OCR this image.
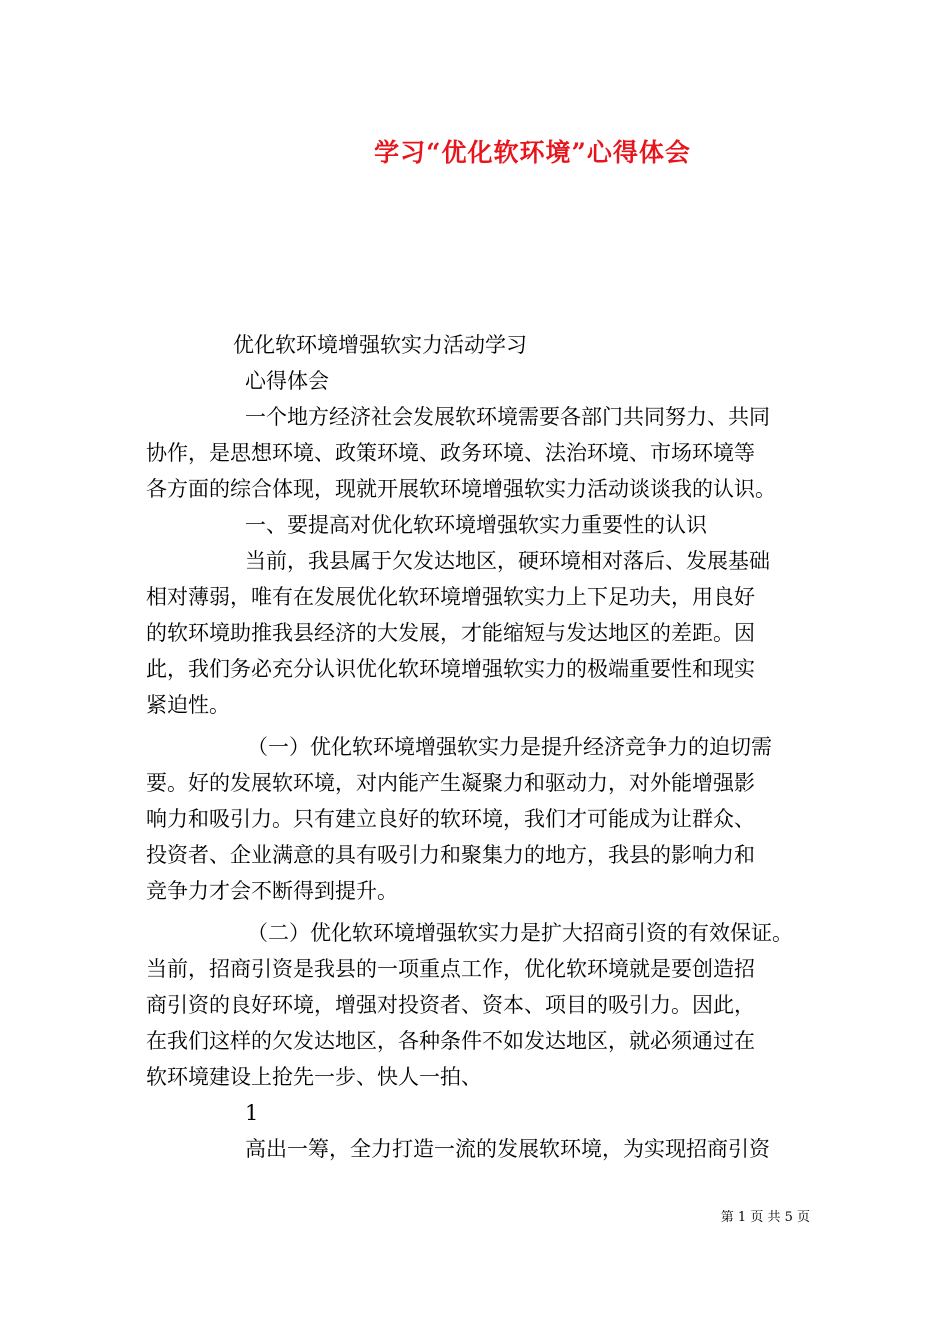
学习“优化软环境”心得体会
优化软环境增强软实力活动学习
心得体会
一个地方经济社会发展软环境需要各部门共同努力、共同
协作，是思想环境、政策环境、政务环境、法治环境、市场环境等
各方面的综合体现，现就开展软环境增强软实力活动谈谈我的认识。
一、要提高对优化软环境增强软实力重要性的认识
当前，我县属于欠发达地区，硬环境相对落后、发展基础
相对薄弱，唯有在发展优化软环境增强软实力上下足功夫，用良好
的软环境助推我县经济的大发展，才能缩短与发达地区的差距。因
此，我们务必充分认识优化软环境增强软实力的极端重要性和现实
紧迫性。
（一）优化软环境增强软实力是提升经济竞争力的迫切需
要。好的发展软环境，对内能产生凝聚力和驱动力，对外能增强影
响力和吸引力。只有建立良好的软环境，我们才可能成为让群众、
投资者、企业满意的具有吸引力和聚集力的地方，我县的影响力和
竞争力才会不断得到提升。
（二）优化软环境增强软实力是扩大招商引资的有效保证。
当前，招商引资是我县的一项重点工作，优化软环境就是要创造招
商引资的良好环境，增强对投资者、资本、项目的吸引力。因此，
在我们这样的欠发达地区，各种条件不如发达地区，就必须通过在
软环境建设上抢先一步、快人一拍、
1
高出一筹，全力打造一流的发展软环境，为实现招商引资
第 1 页 共 5 页
